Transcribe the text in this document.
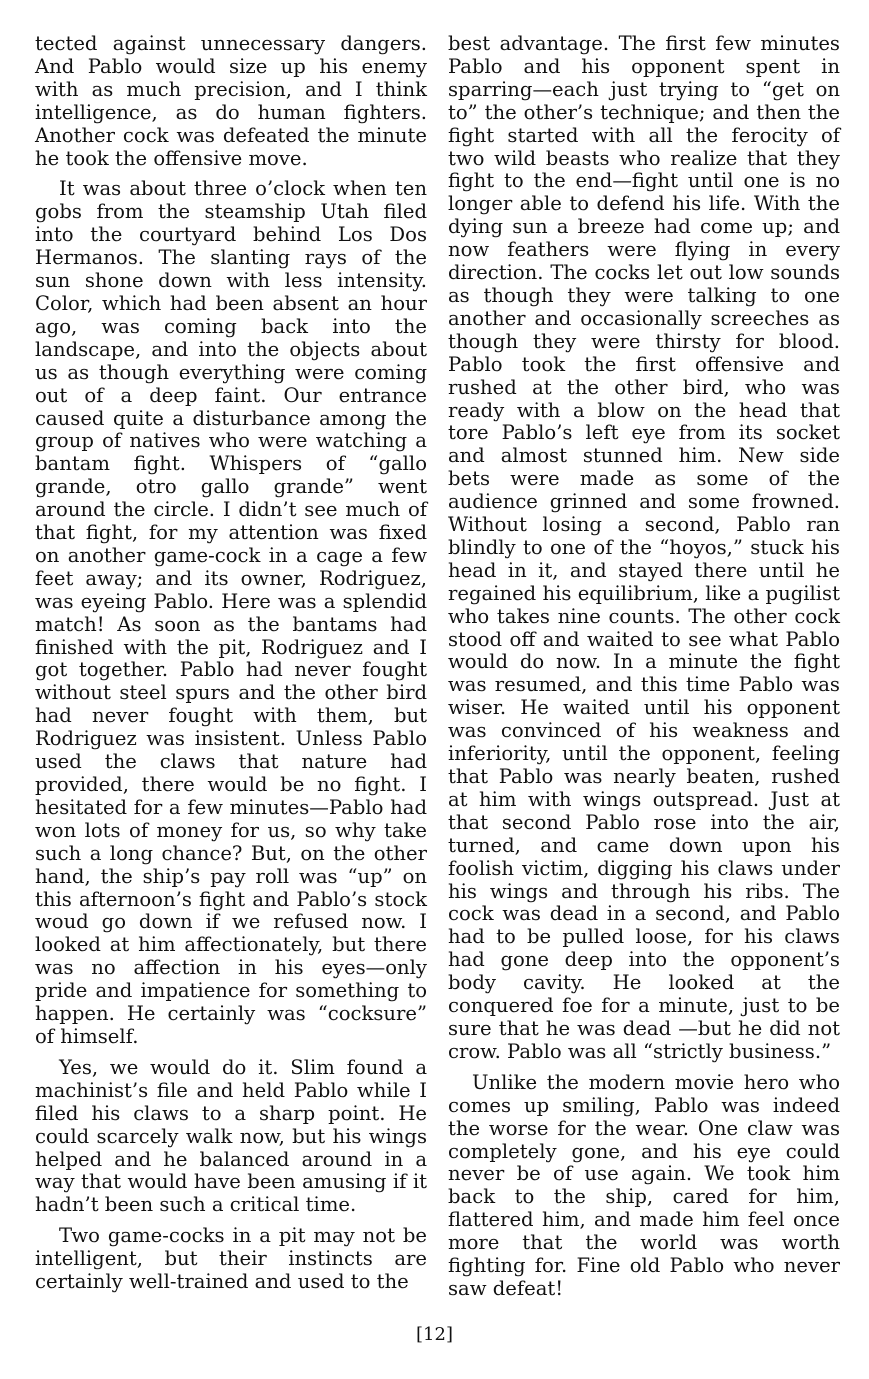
tected against unnecessary dangers. And Pablo would size up his enemy with as much precision, and I think intelligence, as do human fighters. Another cock was defeated the minute he took the offensive move.

It was about three o’clock when ten gobs from the steamship Utah filed into the courtyard behind Los Dos Hermanos. The slanting rays of the sun shone down with less intensity. Color, which had been absent an hour ago, was coming back into the landscape, and into the objects about us as though everything were coming out of a deep faint. Our entrance caused quite a disturbance among the group of natives who were watching a bantam fight. Whispers of “gallo grande, otro gallo grande” went around the circle. I didn’t see much of that fight, for my attention was fixed on another game-cock in a cage a few feet away; and its owner, Rodriguez, was eyeing Pablo. Here was a splendid match! As soon as the bantams had finished with the pit, Rodriguez and I got together. Pablo had never fought without steel spurs and the other bird had never fought with them, but Rodriguez was insistent. Unless Pablo used the claws that nature had provided, there would be no fight. I hesitated for a few minutes—Pablo had won lots of money for us, so why take such a long chance? But, on the other hand, the ship’s pay roll was “up” on this afternoon’s fight and Pablo’s stock woud go down if we refused now. I looked at him affectionately, but there was no affection in his eyes—only pride and impatience for something to happen. He certainly was “cocksure” of himself.

Yes, we would do it. Slim found a machinist’s file and held Pablo while I filed his claws to a sharp point. He could scarcely walk now, but his wings helped and he balanced around in a way that would have been amusing if it hadn’t been such a critical time.

Two game-cocks in a pit may not be intelligent, but their instincts are certainly well-trained and used to the

best advantage. The first few minutes Pablo and his opponent spent in sparring—each just trying to “get on to” the other’s technique; and then the fight started with all the ferocity of two wild beasts who realize that they fight to the end—fight until one is no longer able to defend his life. With the dying sun a breeze had come up; and now feathers were flying in every direction. The cocks let out low sounds as though they were talking to one another and occasionally screeches as though they were thirsty for blood. Pablo took the first offensive and rushed at the other bird, who was ready with a blow on the head that tore Pablo’s left eye from its socket and almost stunned him. New side bets were made as some of the audience grinned and some frowned. Without losing a second, Pablo ran blindly to one of the “hoyos,” stuck his head in it, and stayed there until he regained his equilibrium, like a pugilist who takes nine counts. The other cock stood off and waited to see what Pablo would do now. In a minute the fight was resumed, and this time Pablo was wiser. He waited until his opponent was convinced of his weakness and inferiority, until the opponent, feeling that Pablo was nearly beaten, rushed at him with wings outspread. Just at that second Pablo rose into the air, turned, and came down upon his foolish victim, digging his claws under his wings and through his ribs. The cock was dead in a second, and Pablo had to be pulled loose, for his claws had gone deep into the opponent’s body cavity. He looked at the conquered foe for a minute, just to be sure that he was dead —but he did not crow. Pablo was all “strictly business.”

Unlike the modern movie hero who comes up smiling, Pablo was indeed the worse for the wear. One claw was completely gone, and his eye could never be of use again. We took him back to the ship, cared for him, flattered him, and made him feel once more that the world was worth fighting for. Fine old Pablo who never saw defeat!

[12]
